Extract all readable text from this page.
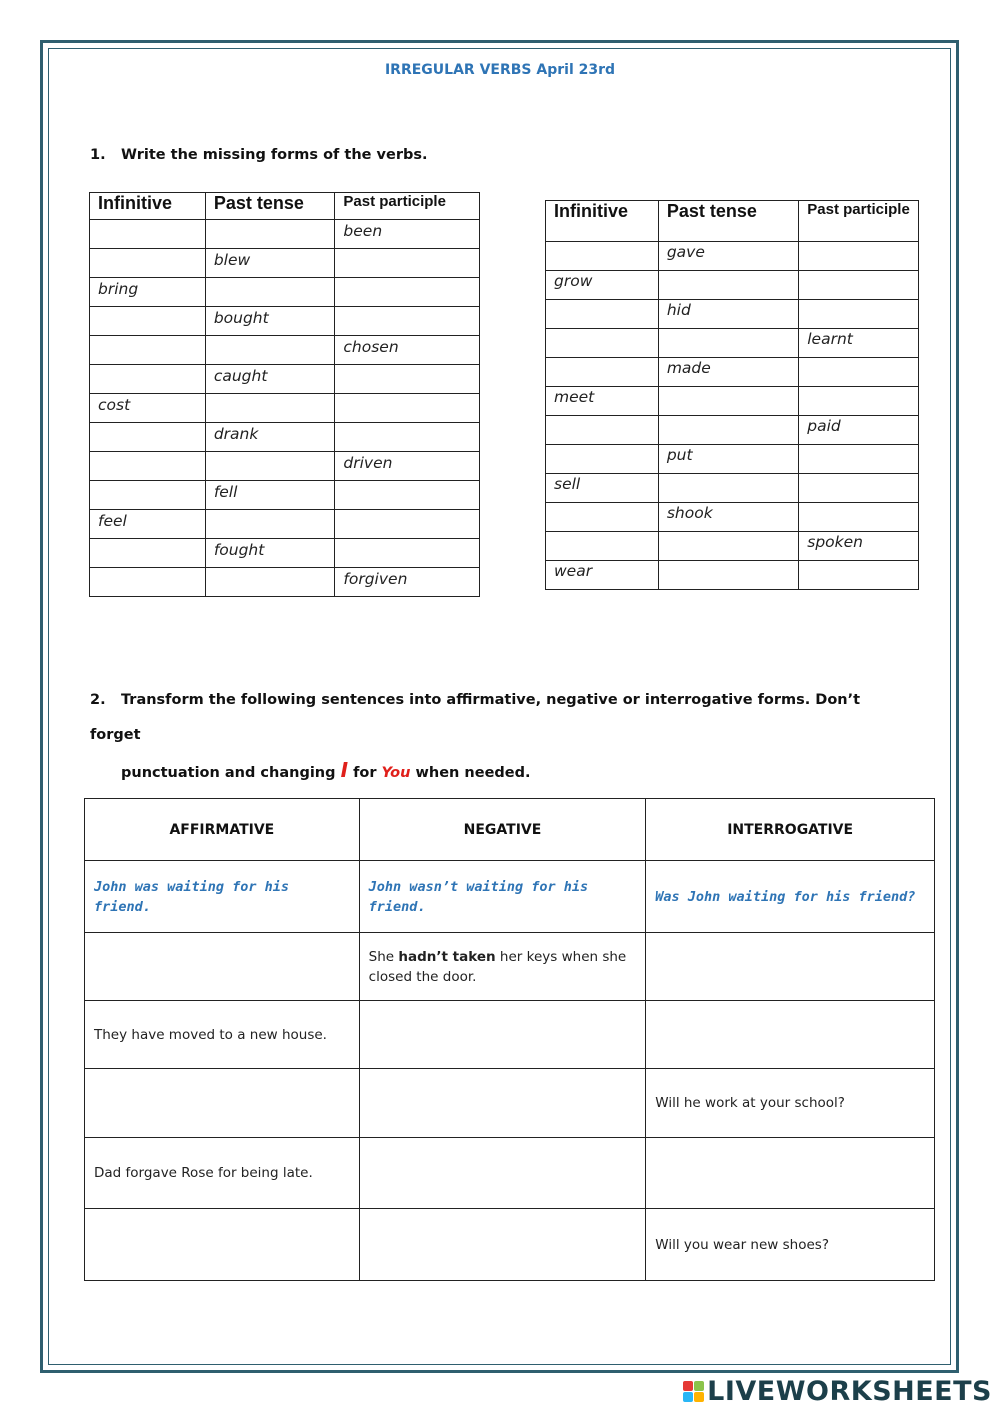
IRREGULAR VERBS April 23rd
1. Write the missing forms of the verbs.
Infinitive	Past tense	Past participle
		been
	blew	
bring		
	bought	
		chosen
	caught	
cost		
	drank	
		driven
	fell	
feel		
	fought	
		forgiven
Infinitive	Past tense	Past participle
	gave	
grow		
	hid	
		learnt
	made	
meet		
		paid
	put	
sell		
	shook	
		spoken
wear		
2. Transform the following sentences into affirmative, negative or interrogative forms. Don’t forget
punctuation and changing I for You when needed.
AFFIRMATIVE	NEGATIVE	INTERROGATIVE
John was waiting for his friend.	John wasn’t waiting for his friend.	Was John waiting for his friend?
	She hadn’t taken her keys when she closed the door.	
They have moved to a new house.		
		Will he work at your school?
Dad forgave Rose for being late.		
		Will you wear new shoes?
LIVEWORKSHEETS
